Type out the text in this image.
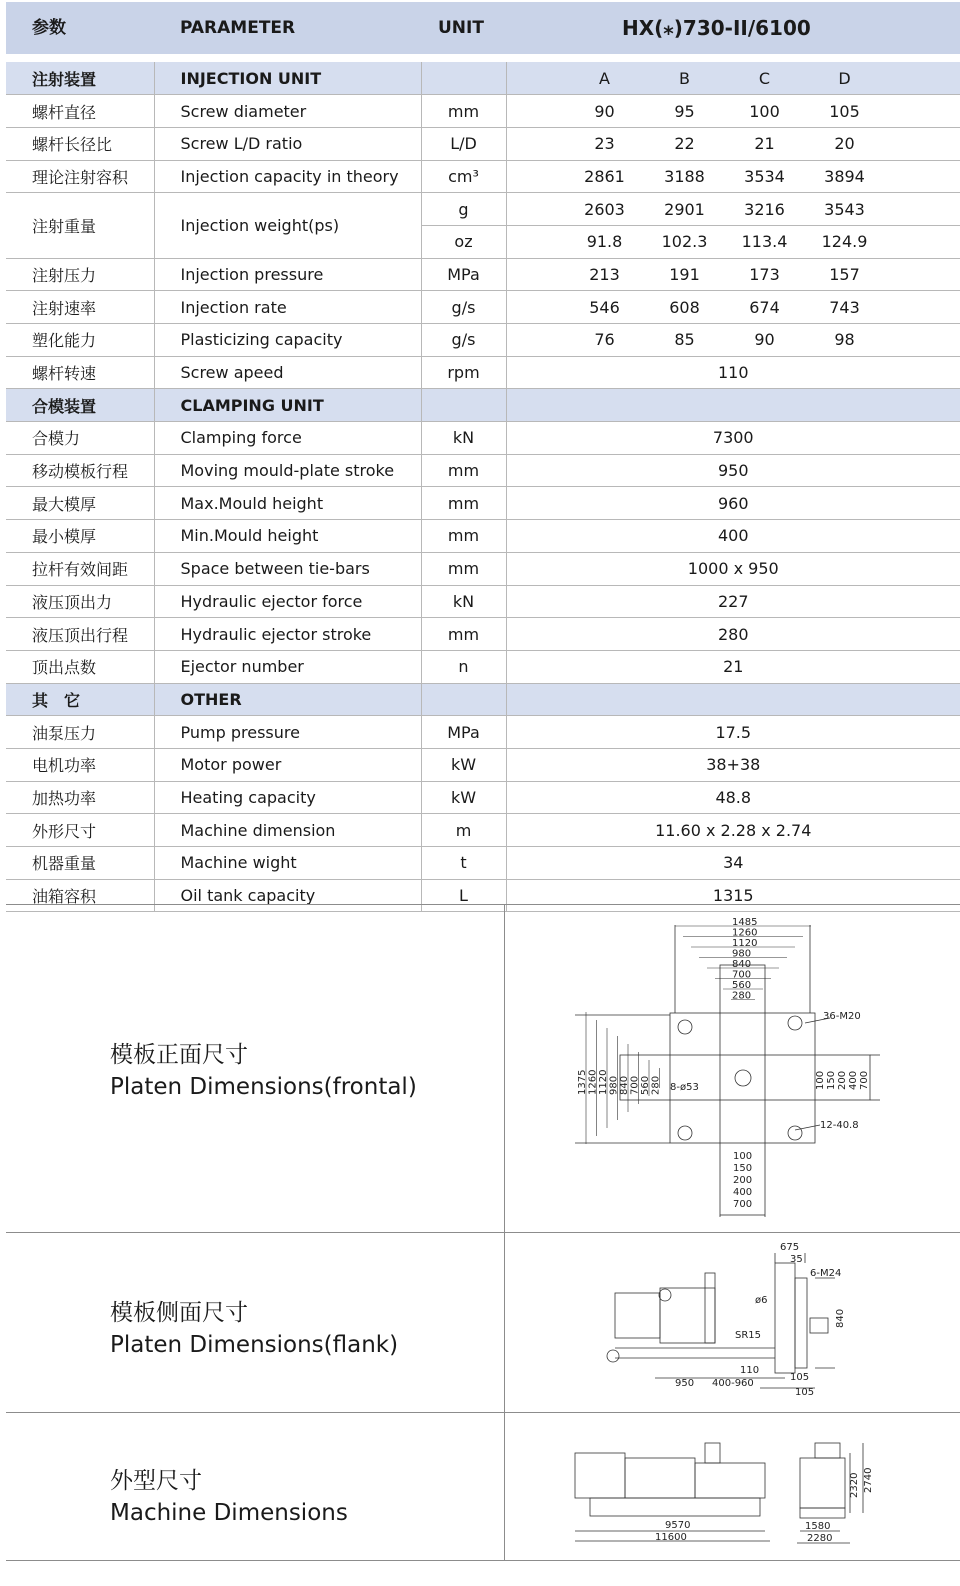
参数	PARAMETER	UNIT	HX(⁎)730-II/6100
注射装置	INJECTION UNIT		A B C D

螺杆直径	Screw diameter	mm	90 95 100 105

螺杆长径比	Screw L/D ratio	L/D	23 22 21 20

理论注射容积	Injection capacity in theory	cm³	2861 3188 3534 3894

注射重量	Injection weight(ps)	g	2603 2901 3216 3543

		oz	91.8 102.3 113.4 124.9

注射压力	Injection pressure	MPa	213 191 173 157

注射速率	Injection rate	g/s	546 608 674 743

塑化能力	Plasticizing capacity	g/s	76 85 90 98

螺杆转速	Screw apeed	rpm	110
合模装置	CLAMPING UNIT		
合模力	Clamping force	kN	7300
移动模板行程	Moving mould-plate stroke	mm	950
最大模厚	Max.Mould height	mm	960
最小模厚	Min.Mould height	mm	400
拉杆有效间距	Space between tie-bars	mm	1000 x 950
液压顶出力	Hydraulic ejector force	kN	227
液压顶出行程	Hydraulic ejector stroke	mm	280
顶出点数	Ejector number	n	21
其　它	OTHER		
油泵压力	Pump pressure	MPa	17.5
电机功率	Motor power	kW	38+38
加热功率	Heating capacity	kW	48.8
外形尺寸	Machine dimension	m	11.60 x 2.28 x 2.74
机器重量	Machine wight	t	34
油箱容积	Oil tank capacity	L	1315
模板正面尺寸
Platen Dimensions(frontal)
1485
1260
1120
980
840
700
560
280
1375 1260 1120 980 840 700 560 280	100 150 200 400 700
100
150
200
400
700
36-M20
12-40.8
8-ø53
模板侧面尺寸
Platen Dimensions(flank)
675
35
6-M24
ø6
SR15
840
110
950 400-960
105
105
外型尺寸
Machine Dimensions	9570
11600
1580
2280
2320 2740
